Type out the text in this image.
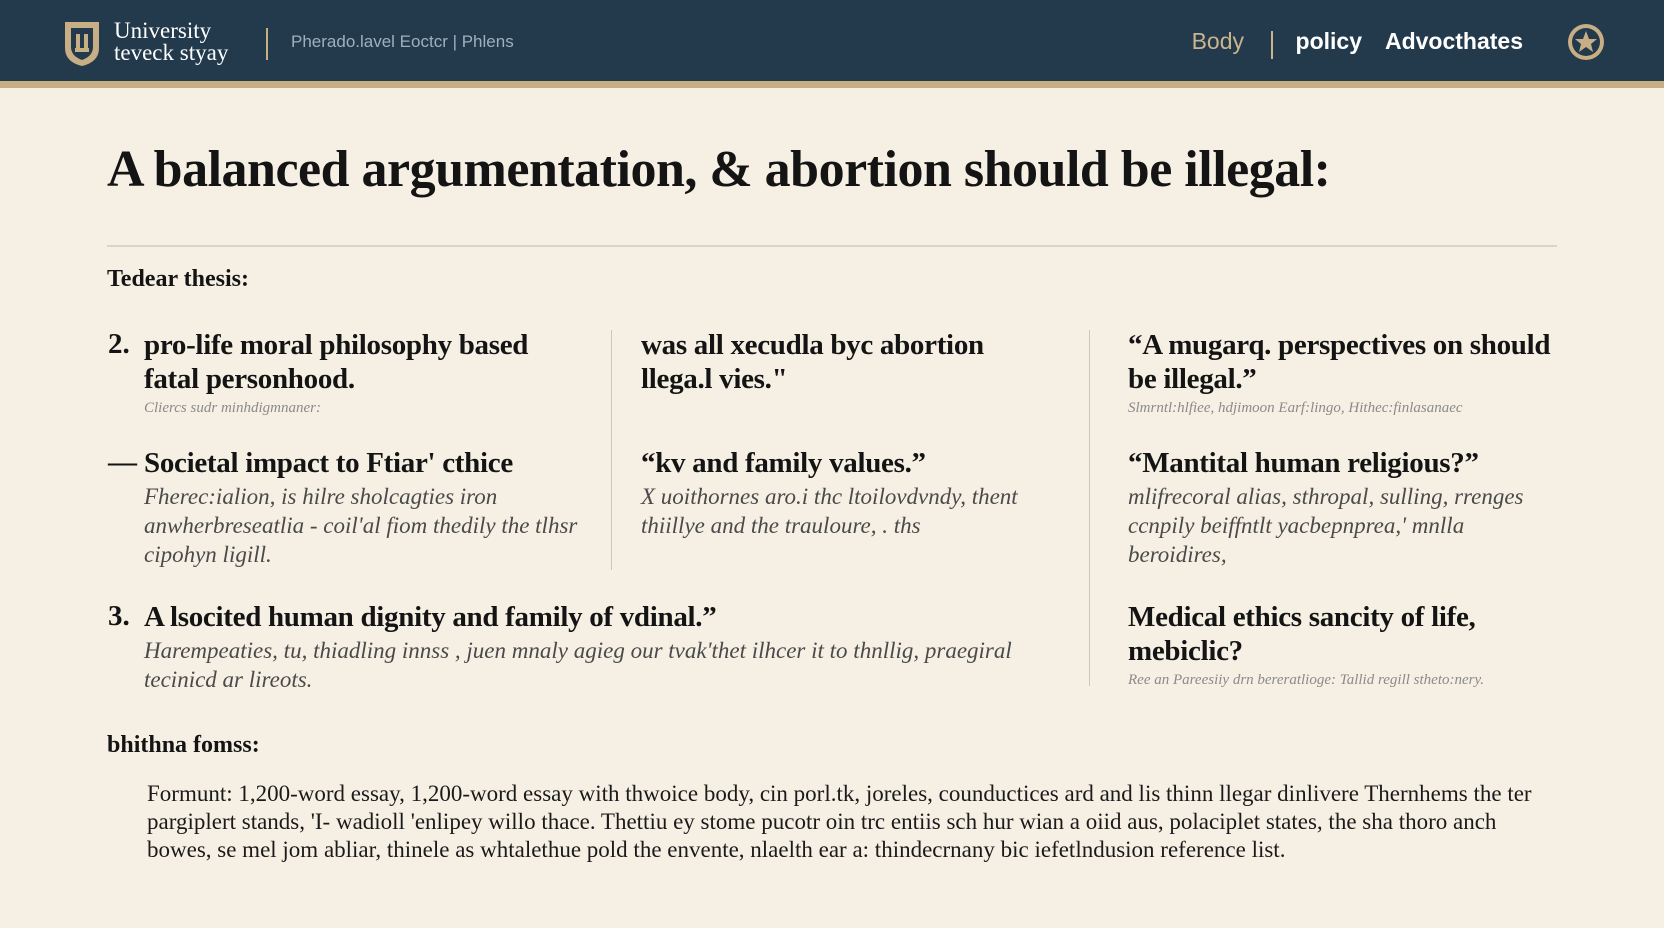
University
teveck styay	Pherado.lavel Eoctcr | Phlens	Body policy Advocthates
A balanced argumentation, & abortion should be illegal:
Tedear thesis:
2. pro-life moral philosophy based fatal personhood.

Cliercs sudr minhdigmnaner:
— Societal impact to Ftiar' cthice

Fherec:ialion, is hilre sholcagties iron anwherbreseatlia - coil'al fiom thedily the tlhsr cipohyn ligill.

was all xecudla byc abortion llega.l vies."

“kv and family values.”

X uoithornes aro.i thc ltoilovdvndy, thent thiillye and the trauloure, . ths

“A mugarq. perspectives on should be illegal.”

Slmrntl:hlfiee, hdjimoon Earf:lingo, Hithec:finlasanaec

“Mantital human religious?”

mlifrecoral alias, sthropal, sulling, rrenges ccnpily beiffntlt yacbepnprea,' mnlla beroidires,

Medical ethics sancity of life, mebiclic?

Ree an Pareesiiy drn bereratlioge: Tallid regill stheto:nery.
3. A lsocited human dignity and family of vdinal.”

Harempeaties, tu, thiadling innss , juen mnaly agieg our tvak'thet ilhcer it to thnllig, praegiral tecinicd ar lireots.
bhithna fomss:
Formunt: 1,200-word essay, 1,200-word essay with thwoice body, cin porl.tk, joreles, counductices ard and lis thinn llegar dinlivere Thernhems the ter pargiplert stands, 'I- wadioll 'enlipey willo thace. Thettiu ey stome pucotr oin trc entiis sch hur wian a oiid aus, polaciplet states, the sha thoro anch bowes, se mel jom abliar, thinele as whtalethue pold the envente, nlaelth ear a: thindecrnany bic iefetlndusion reference list.
